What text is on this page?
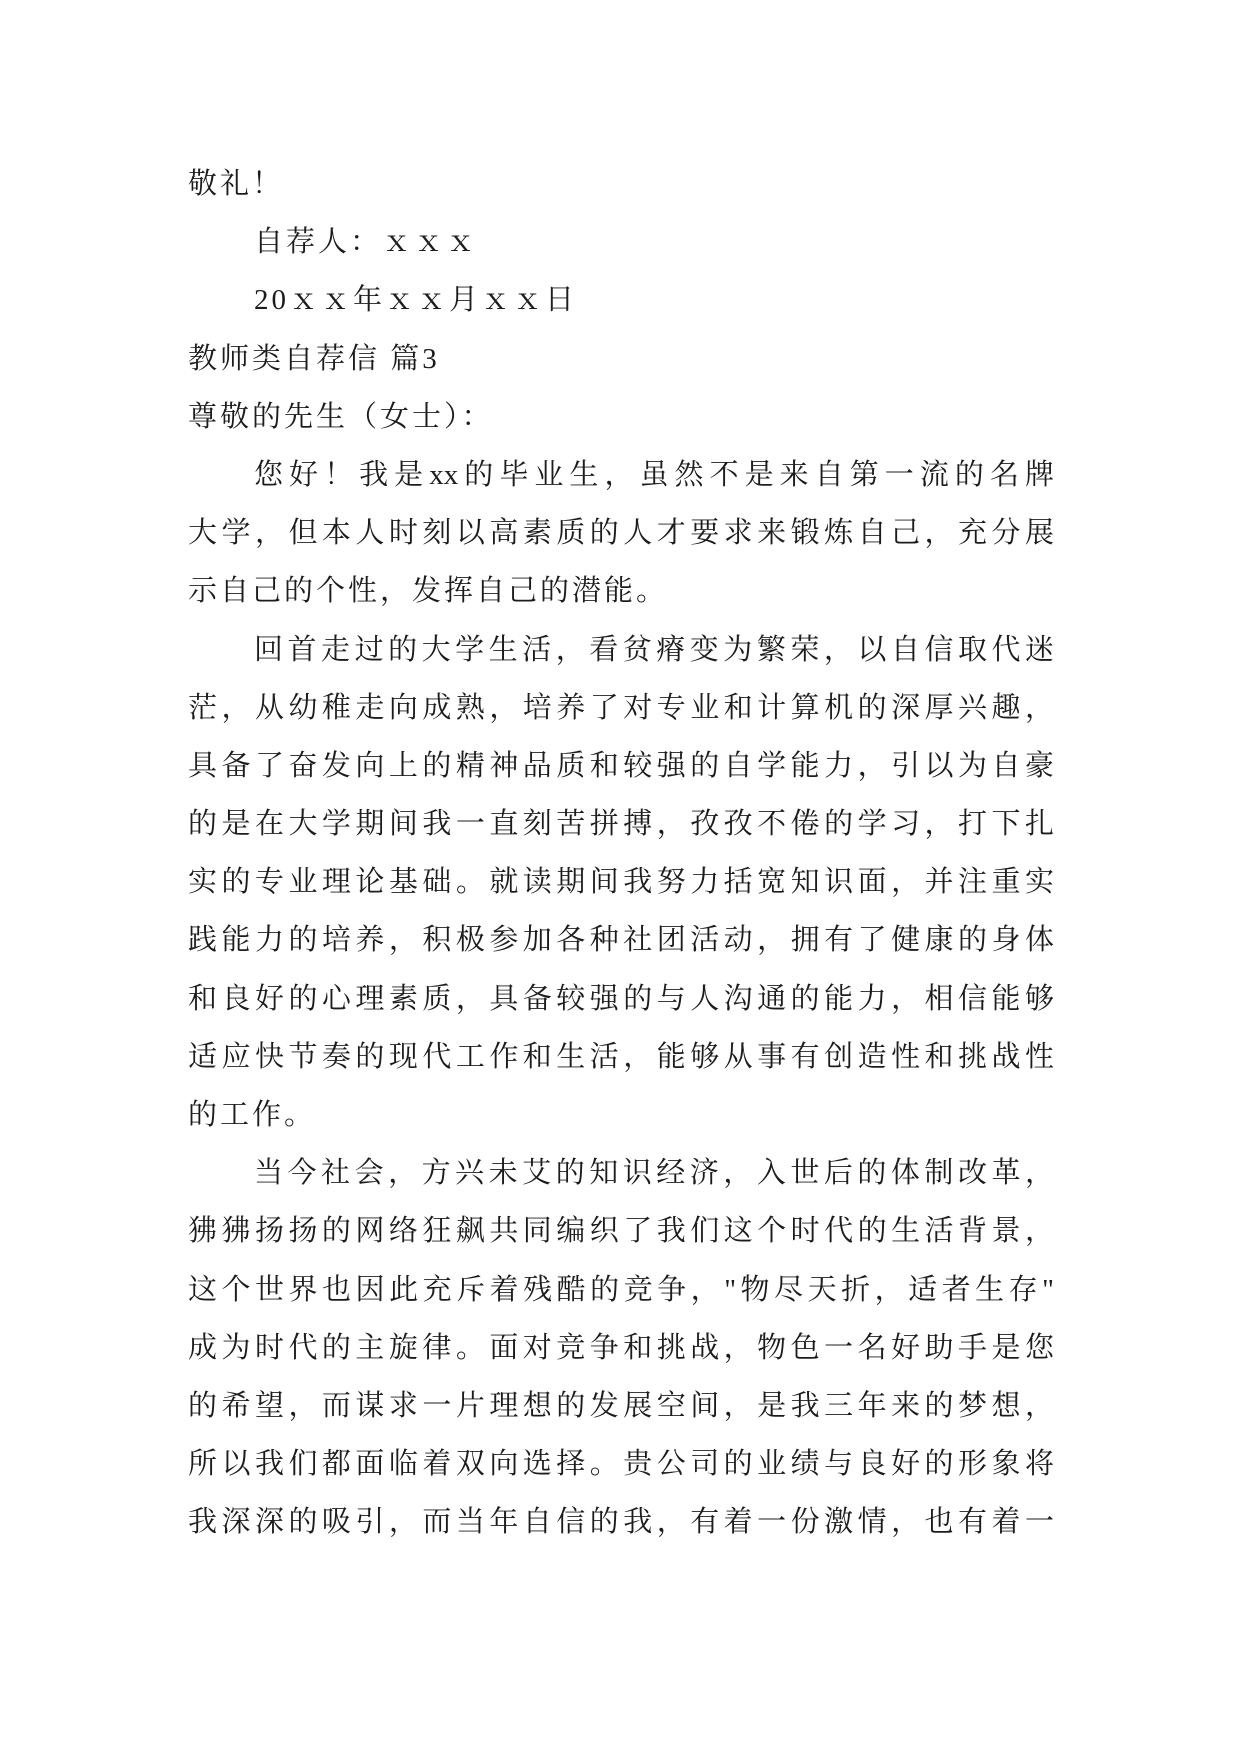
敬礼！
自荐人：ｘｘｘ
20ｘｘ年ｘｘ月ｘｘ日
教师类自荐信 篇3
尊敬的先生（女士）：
您好！我是xx的毕业生，虽然不是来自第一流的名牌
大学，但本人时刻以高素质的人才要求来锻炼自己，充分展
示自己的个性，发挥自己的潜能。
回首走过的大学生活，看贫瘠变为繁荣，以自信取代迷
茫，从幼稚走向成熟，培养了对专业和计算机的深厚兴趣，
具备了奋发向上的精神品质和较强的自学能力，引以为自豪
的是在大学期间我一直刻苦拼搏，孜孜不倦的学习，打下扎
实的专业理论基础。就读期间我努力括宽知识面，并注重实
践能力的培养，积极参加各种社团活动，拥有了健康的身体
和良好的心理素质，具备较强的与人沟通的能力，相信能够
适应快节奏的现代工作和生活，能够从事有创造性和挑战性
的工作。
当今社会，方兴未艾的知识经济，入世后的体制改革，
狒狒扬扬的网络狂飙共同编织了我们这个时代的生活背景，
这个世界也因此充斥着残酷的竞争，"物尽天折，适者生存"
成为时代的主旋律。面对竞争和挑战，物色一名好助手是您
的希望，而谋求一片理想的发展空间，是我三年来的梦想，
所以我们都面临着双向选择。贵公司的业绩与良好的形象将
我深深的吸引，而当年自信的我，有着一份激情，也有着一
